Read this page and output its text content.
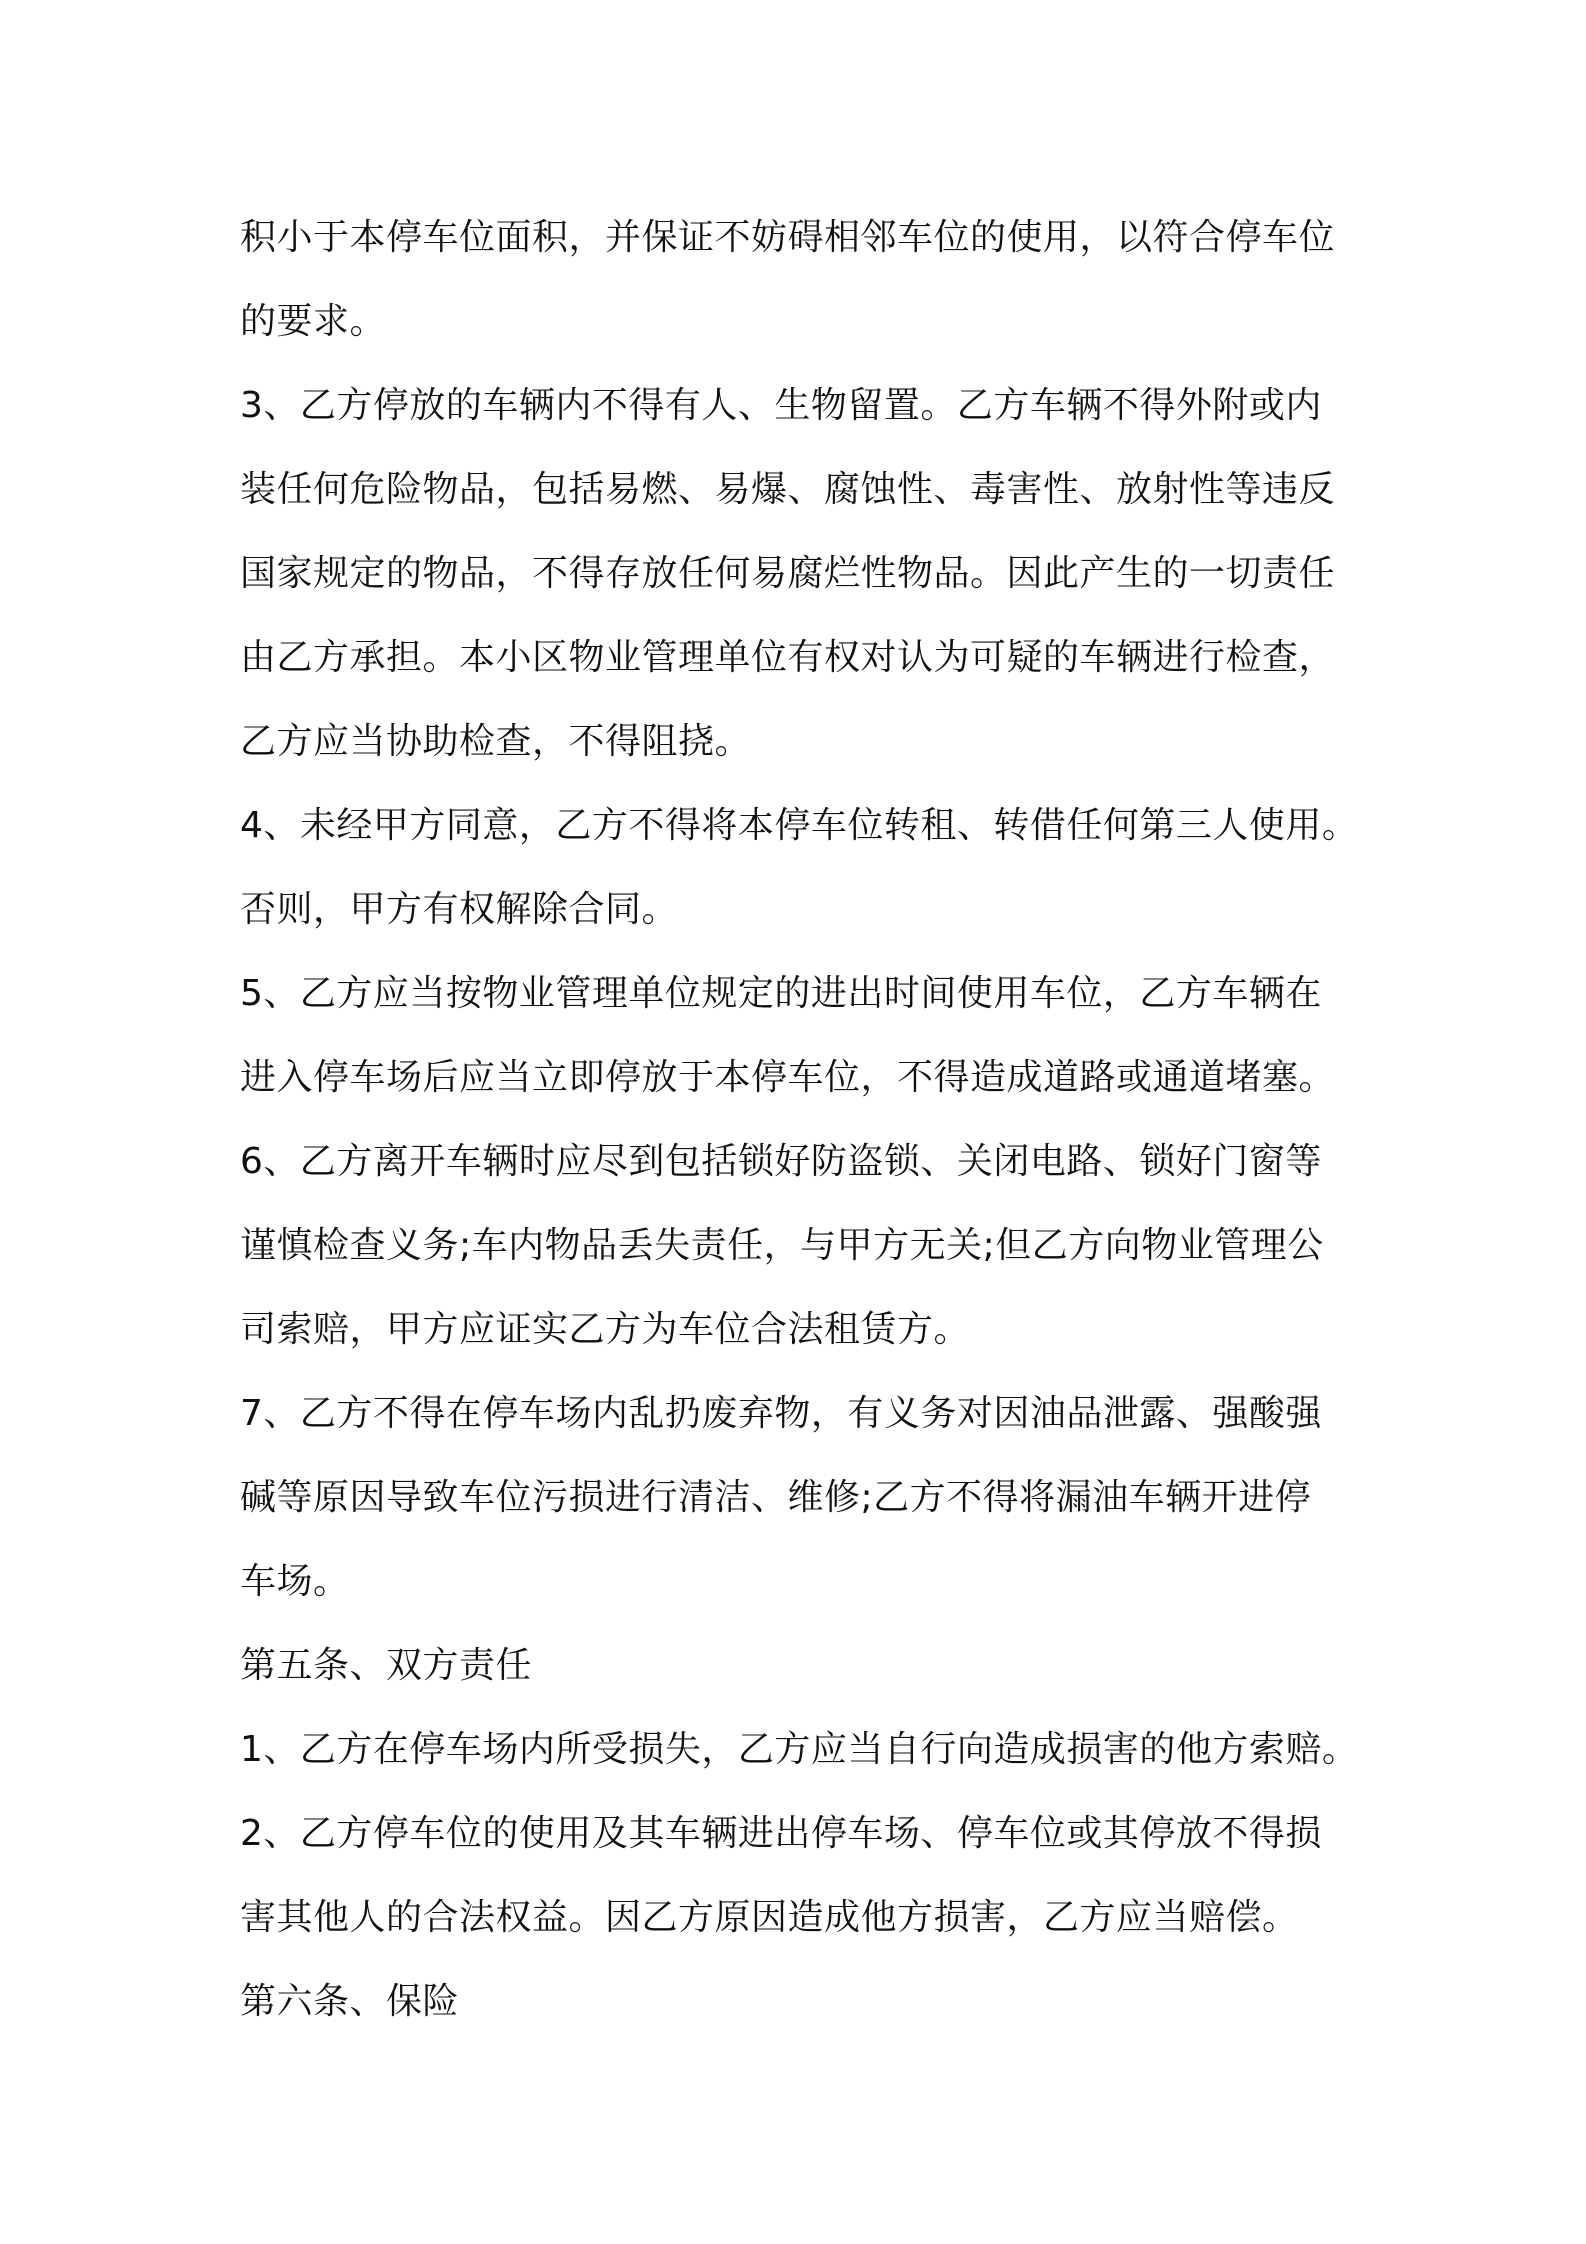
积小于本停车位面积，并保证不妨碍相邻车位的使用，以符合停车位
的要求。
3、乙方停放的车辆内不得有人、生物留置。乙方车辆不得外附或内
装任何危险物品，包括易燃、易爆、腐蚀性、毒害性、放射性等违反
国家规定的物品，不得存放任何易腐烂性物品。因此产生的一切责任
由乙方承担。本小区物业管理单位有权对认为可疑的车辆进行检查，
乙方应当协助检查，不得阻挠。
4、未经甲方同意，乙方不得将本停车位转租、转借任何第三人使用。
否则，甲方有权解除合同。
5、乙方应当按物业管理单位规定的进出时间使用车位，乙方车辆在
进入停车场后应当立即停放于本停车位，不得造成道路或通道堵塞。
6、乙方离开车辆时应尽到包括锁好防盗锁、关闭电路、锁好门窗等
谨慎检查义务;车内物品丢失责任，与甲方无关;但乙方向物业管理公
司索赔，甲方应证实乙方为车位合法租赁方。
7、乙方不得在停车场内乱扔废弃物，有义务对因油品泄露、强酸强
碱等原因导致车位污损进行清洁、维修;乙方不得将漏油车辆开进停
车场。
第五条、双方责任
1、乙方在停车场内所受损失，乙方应当自行向造成损害的他方索赔。
2、乙方停车位的使用及其车辆进出停车场、停车位或其停放不得损
害其他人的合法权益。因乙方原因造成他方损害，乙方应当赔偿。
第六条、保险
